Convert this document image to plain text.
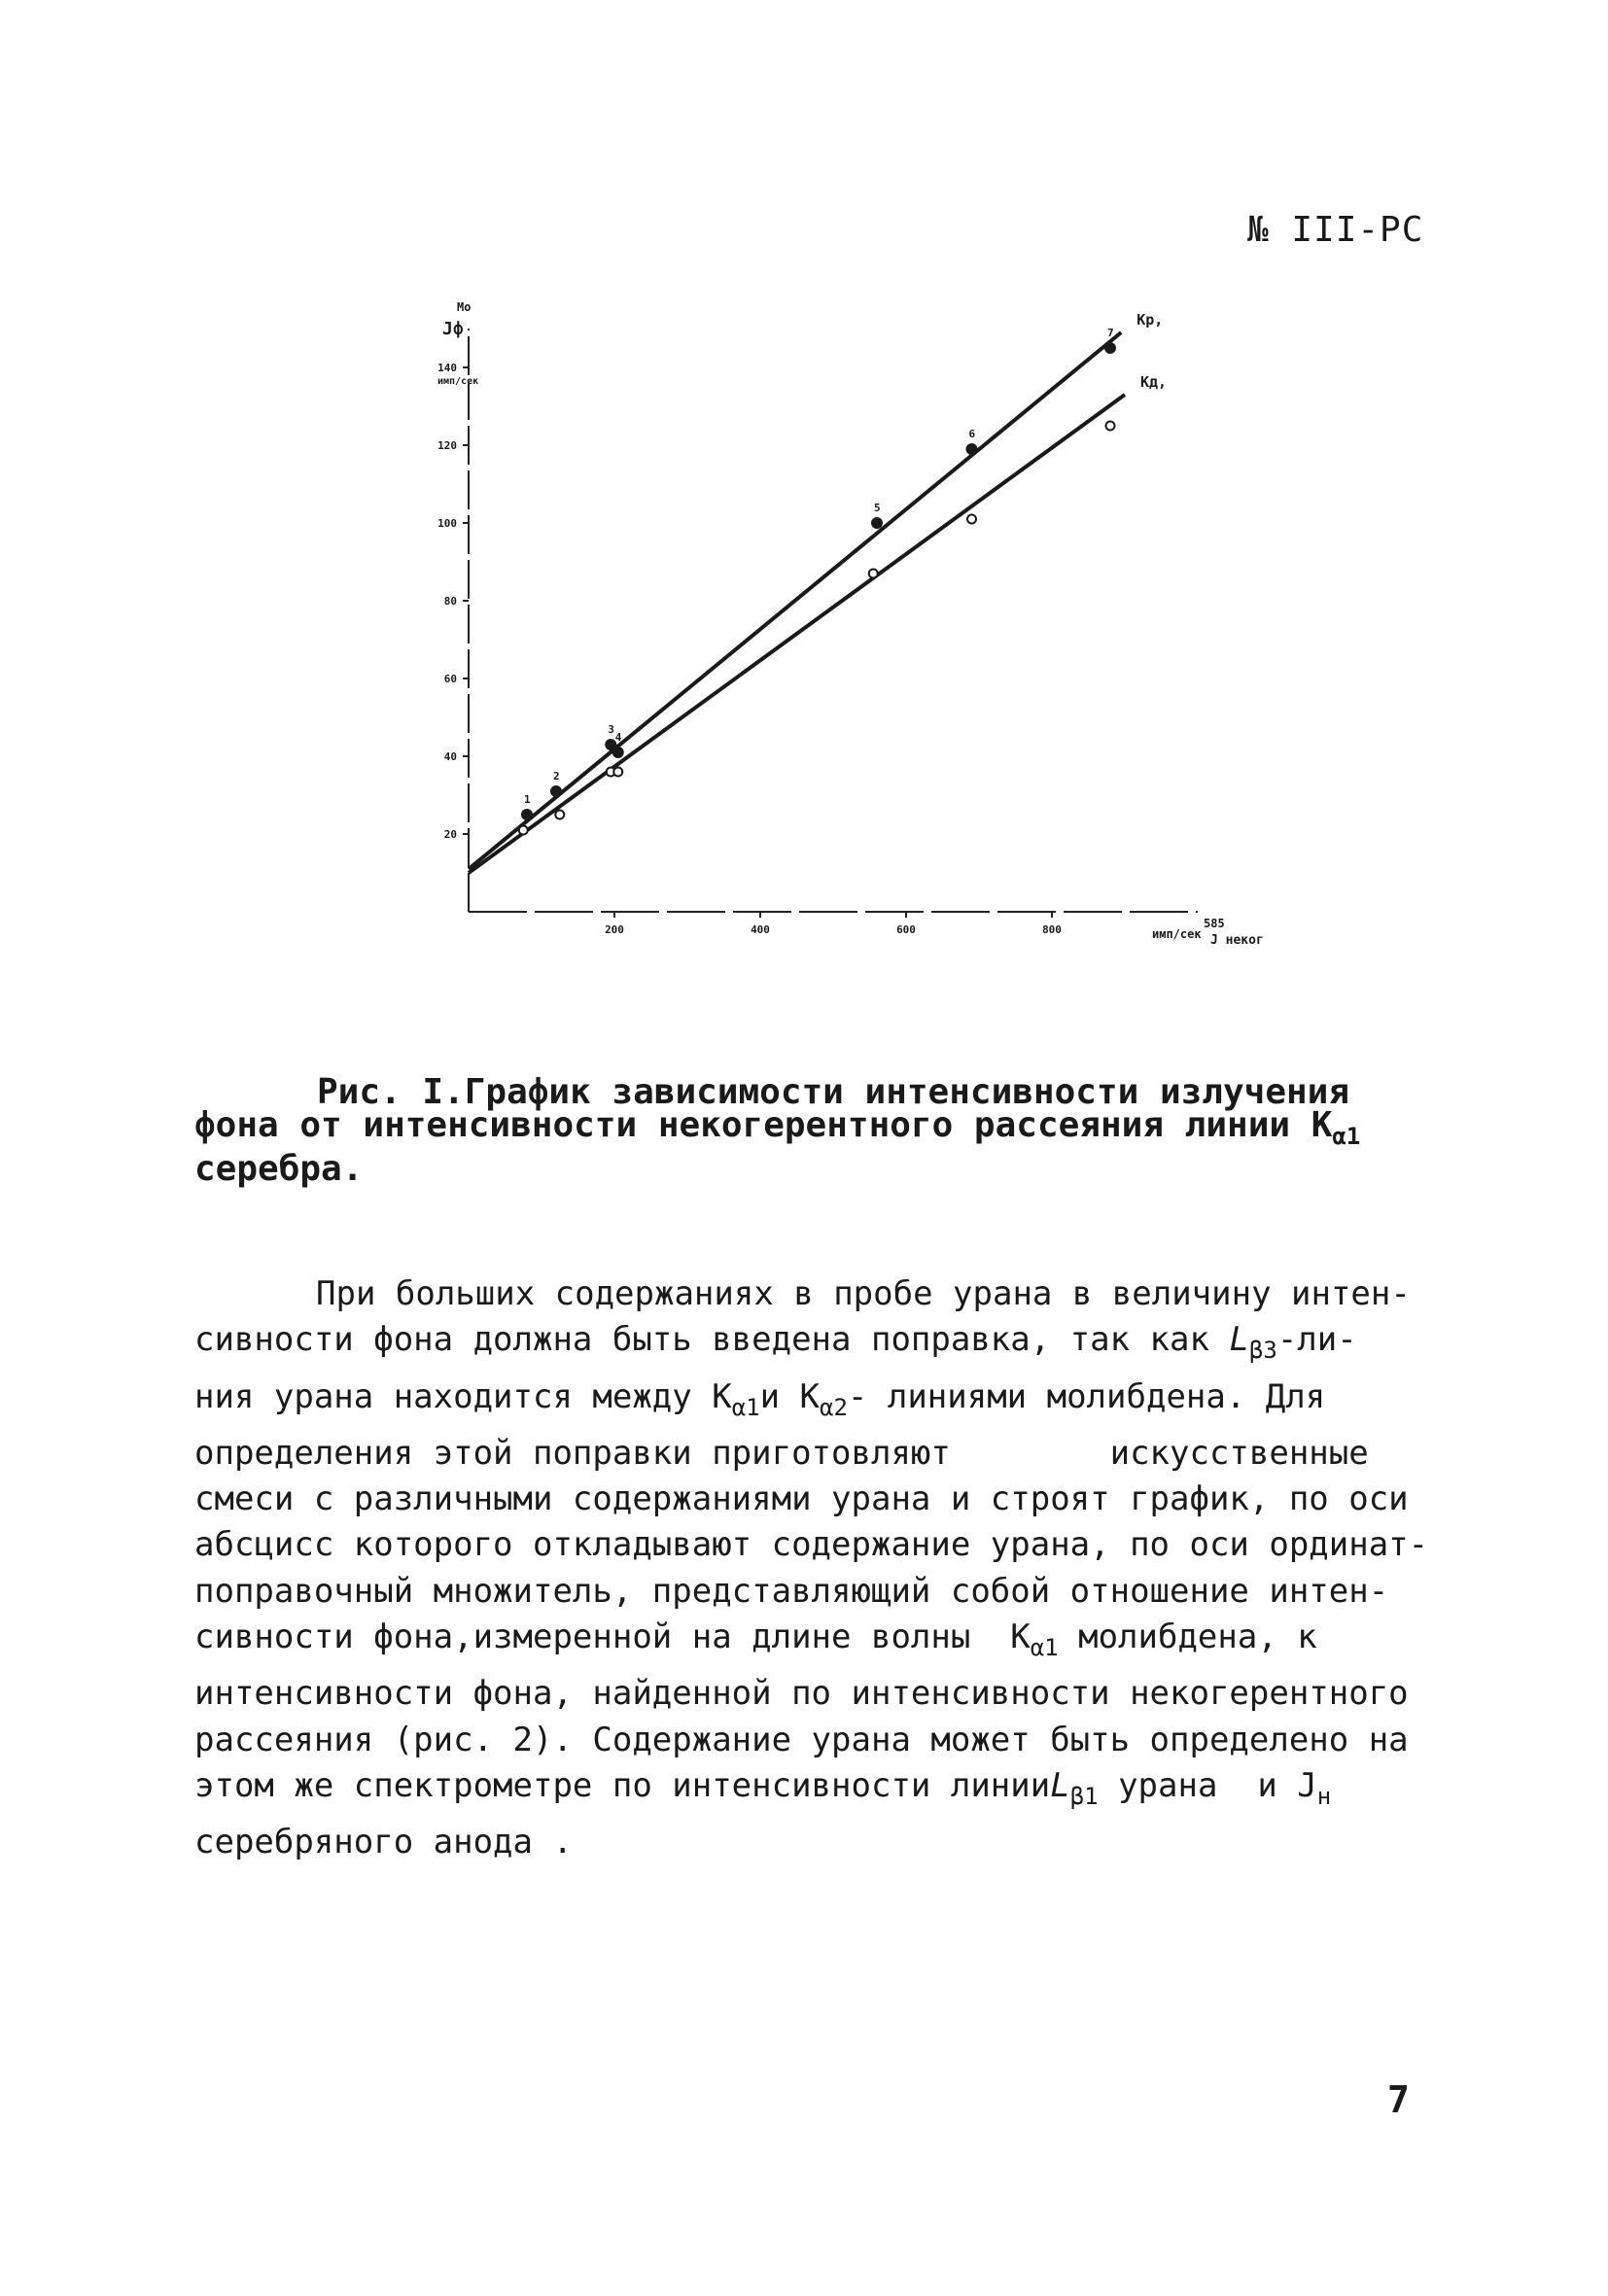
№ III-РС
Мо
Jф
имп/сек
имп/сек J неког
585
20
40
60
80
100
120
140
200	400	600	800
1
2
3
4
5
6
7
Кр,
Кд,
Рис. I.График зависимости интенсивности излучения
фона от интенсивности некогерентного рассеяния линии $К_{\alpha 1}$
серебра.
При больших содержаниях в пробе урана в величину интен-
сивности фона должна быть введена поправка, так как $L_{\beta 3}-ли-$
ния урана находится между $К_{\alpha 1}и$ $К_{\alpha 2}-$ линиями молибдена. Для
определения этой поправки приготовляют        искусственные
смеси с различными содержаниями урана и строят график, по оси
абсцисс которого откладывают содержание урана, по оси ординат-
поправочный множитель, представляющий собой отношение интен-
сивности фона,измеренной на длине волны  $К_{\alpha 1}$ молибдена, к
интенсивности фона, найденной по интенсивности некогерентного
рассеяния (рис. 2). Содержание урана может быть определено на
этом же спектрометре по интенсивности линииL$_{\beta 1}$ урана  и $J_н$
серебряного анода .
7
